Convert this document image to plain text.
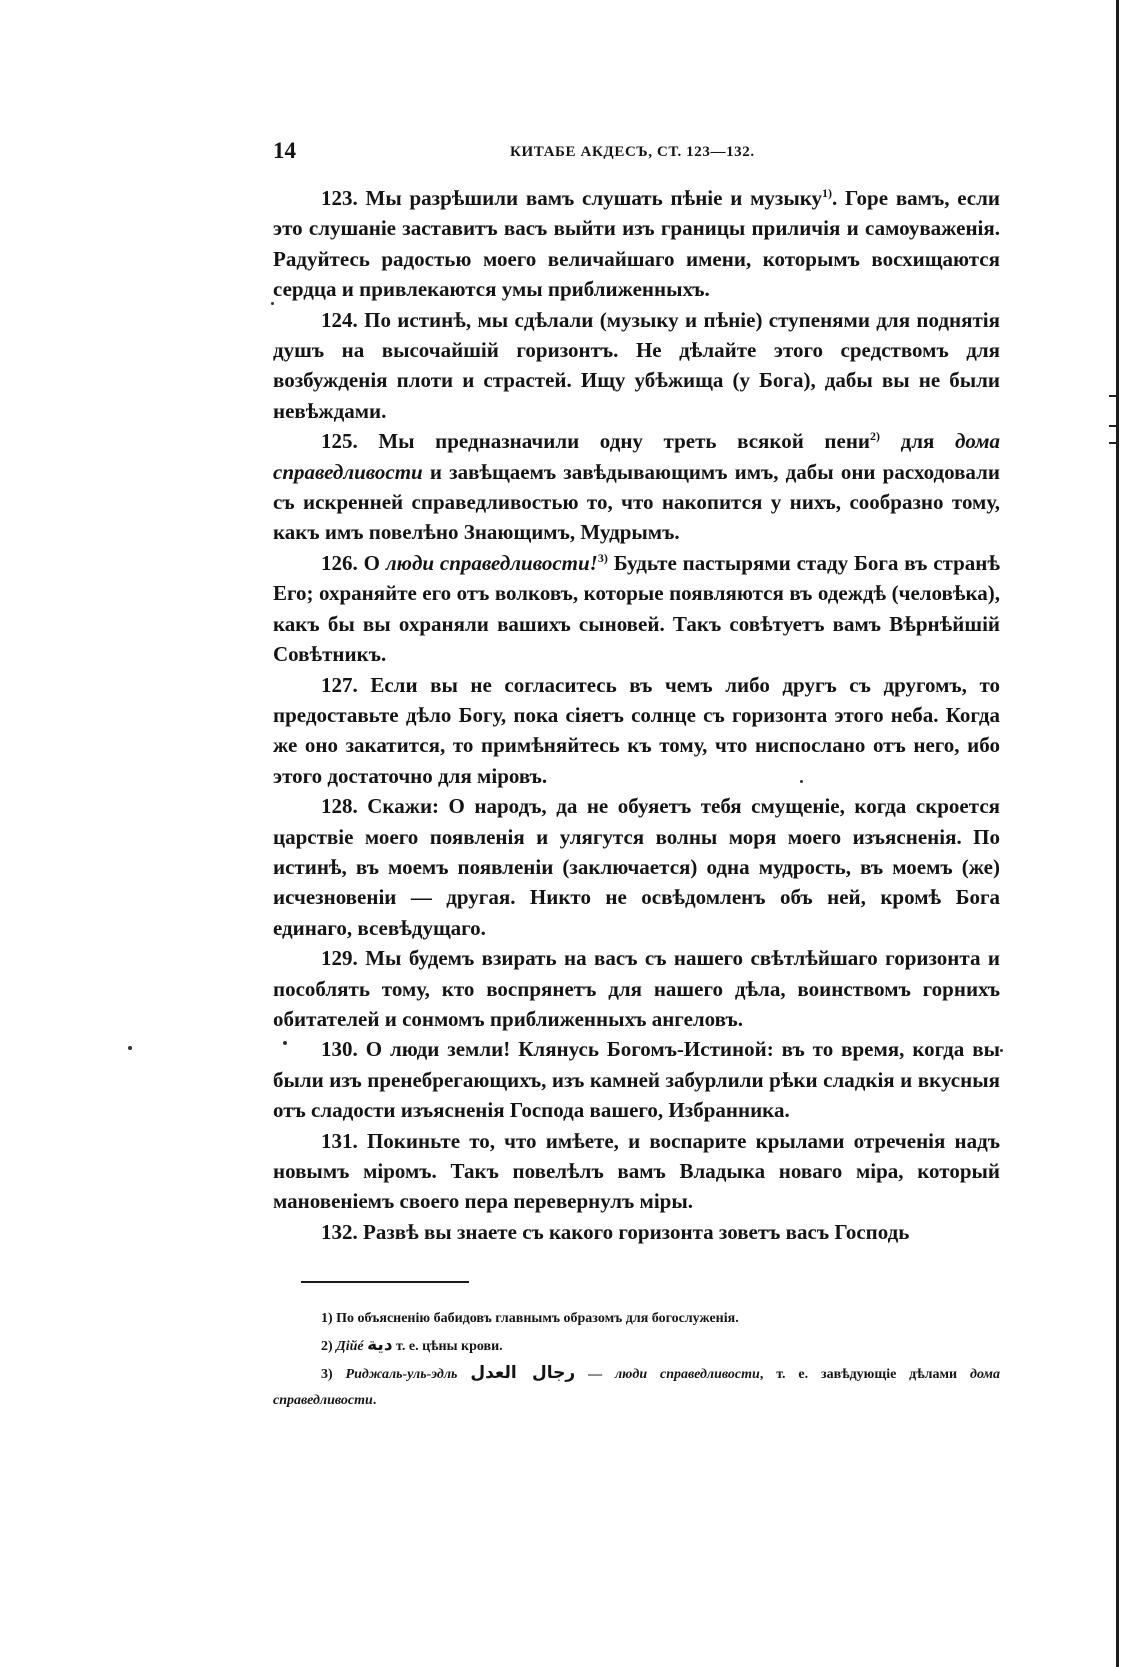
14	КИТАБЕ АКДЕСЪ, СТ. 123—132.

123. Мы разрѣшили вамъ слушать пѣніе и музыку$^{1)}$. Горе вамъ, если это слушаніе заставитъ васъ выйти изъ границы приличія и самоуваженія. Радуйтесь радостью моего величайшаго имени, которымъ восхищаются сердца и привлекаются умы приближенныхъ.

124. По истинѣ, мы сдѣлали (музыку и пѣніе) ступенями для поднятія душъ на высочайшій горизонтъ. Не дѣлайте этого средствомъ для возбужденія плоти и страстей. Ищу убѣжища (у Бога), дабы вы не были невѣждами.

125. Мы предназначили одну треть всякой пени$^{2)}$ для дома справедливости и завѣщаемъ завѣдывающимъ имъ, дабы они расходовали съ искренней справедливостью то, что накопится у нихъ, сообразно тому, какъ имъ повелѣно Знающимъ, Мудрымъ.

126. О люди справедливости!$^{3)}$ Будьте пастырями стаду Бога въ странѣ Его; охраняйте его отъ волковъ, которые появляются въ одеждѣ (человѣка), какъ бы вы охраняли вашихъ сыновей. Такъ совѣтуетъ вамъ Вѣрнѣйшій Совѣтникъ.

127. Если вы не согласитесь въ чемъ либо другъ съ другомъ, то предоставьте дѣло Богу, пока сіяетъ солнце съ горизонта этого неба. Когда же оно закатится, то примѣняйтесь къ тому, что ниспослано отъ него, ибо этого достаточно для міровъ.

128. Скажи: О народъ, да не обуяетъ тебя смущеніе, когда скроется царствіе моего появленія и улягутся волны моря моего изъясненія. По истинѣ, въ моемъ появленіи (заключается) одна мудрость, въ моемъ (же) исчезновеніи — другая. Никто не освѣдомленъ объ ней, кромѣ Бога единаго, всевѣдущаго.

129. Мы будемъ взирать на васъ съ нашего свѣтлѣйшаго горизонта и пособлять тому, кто воспрянетъ для нашего дѣла, воинствомъ горнихъ обитателей и сонмомъ приближенныхъ ангеловъ.

130. О люди земли! Клянусь Богомъ-Истиной: въ то время, когда вы были изъ пренебрегающихъ, изъ камней забурлили рѣки сладкія и вкусныя отъ сладости изъясненія Господа вашего, Избранника.

131. Покиньте то, что имѣете, и воспарите крылами отреченія надъ новымъ міромъ. Такъ повелѣлъ вамъ Владыка новаго міра, который мановеніемъ своего пера перевернулъ міры.

132. Развѣ вы знаете съ какого горизонта зоветъ васъ Господь

1) По объясненію бабидовъ главнымъ образомъ для богослуженія.

2) Дійé دية т. е. цѣны крови.

3) Риджаль-уль-эдль رجال العدل — люди справедливости, т. е. завѣдующіе дѣлами дома справедливости.
